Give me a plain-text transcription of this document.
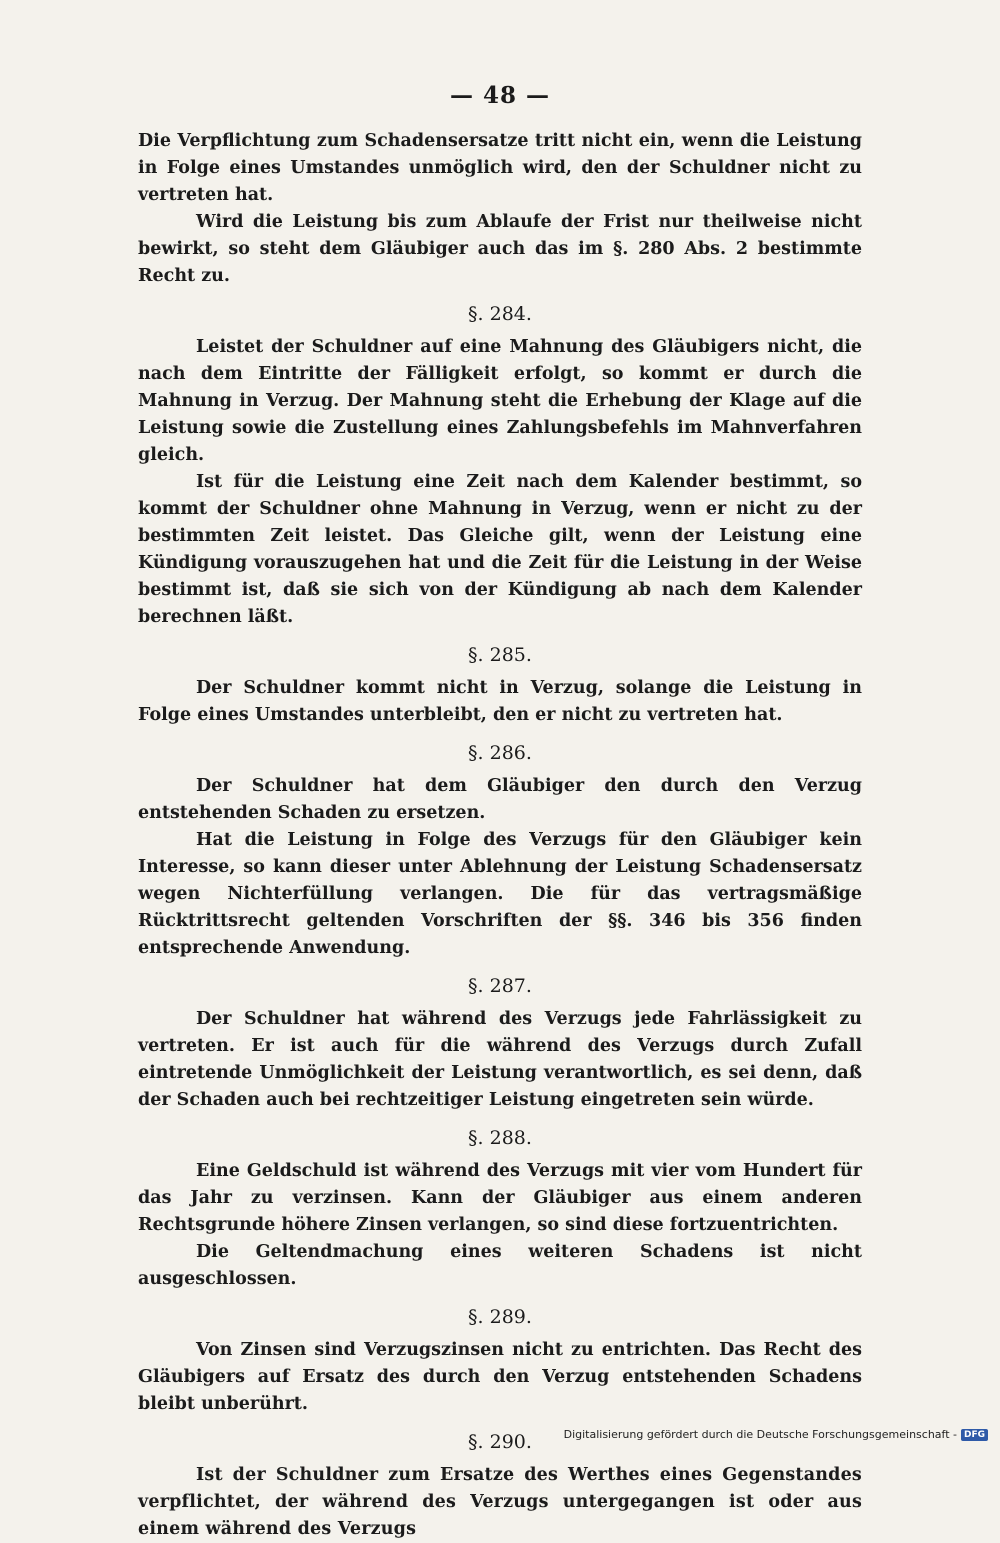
— 48 —

Die Verpflichtung zum Schadensersatze tritt nicht ein, wenn die Leistung in Folge eines Umstandes unmöglich wird, den der Schuldner nicht zu vertreten hat.

Wird die Leistung bis zum Ablaufe der Frist nur theilweise nicht bewirkt, so steht dem Gläubiger auch das im §. 280 Abs. 2 bestimmte Recht zu.

§. 284.

Leistet der Schuldner auf eine Mahnung des Gläubigers nicht, die nach dem Eintritte der Fälligkeit erfolgt, so kommt er durch die Mahnung in Verzug. Der Mahnung steht die Erhebung der Klage auf die Leistung sowie die Zustellung eines Zahlungsbefehls im Mahnverfahren gleich.

Ist für die Leistung eine Zeit nach dem Kalender bestimmt, so kommt der Schuldner ohne Mahnung in Verzug, wenn er nicht zu der bestimmten Zeit leistet. Das Gleiche gilt, wenn der Leistung eine Kündigung vorauszugehen hat und die Zeit für die Leistung in der Weise bestimmt ist, daß sie sich von der Kündigung ab nach dem Kalender berechnen läßt.

§. 285.

Der Schuldner kommt nicht in Verzug, solange die Leistung in Folge eines Umstandes unterbleibt, den er nicht zu vertreten hat.

§. 286.

Der Schuldner hat dem Gläubiger den durch den Verzug entstehenden Schaden zu ersetzen.

Hat die Leistung in Folge des Verzugs für den Gläubiger kein Interesse, so kann dieser unter Ablehnung der Leistung Schadensersatz wegen Nichterfüllung verlangen. Die für das vertragsmäßige Rücktrittsrecht geltenden Vorschriften der §§. 346 bis 356 finden entsprechende Anwendung.

§. 287.

Der Schuldner hat während des Verzugs jede Fahrlässigkeit zu vertreten. Er ist auch für die während des Verzugs durch Zufall eintretende Unmöglichkeit der Leistung verantwortlich, es sei denn, daß der Schaden auch bei rechtzeitiger Leistung eingetreten sein würde.

§. 288.

Eine Geldschuld ist während des Verzugs mit vier vom Hundert für das Jahr zu verzinsen. Kann der Gläubiger aus einem anderen Rechtsgrunde höhere Zinsen verlangen, so sind diese fortzuentrichten.

Die Geltendmachung eines weiteren Schadens ist nicht ausgeschlossen.

§. 289.

Von Zinsen sind Verzugszinsen nicht zu entrichten. Das Recht des Gläubigers auf Ersatz des durch den Verzug entstehenden Schadens bleibt unberührt.

§. 290.

Ist der Schuldner zum Ersatze des Werthes eines Gegenstandes verpflichtet, der während des Verzugs untergegangen ist oder aus einem während des Verzugs

Digitalisierung gefördert durch die Deutsche Forschungsgemeinschaft - DFG
